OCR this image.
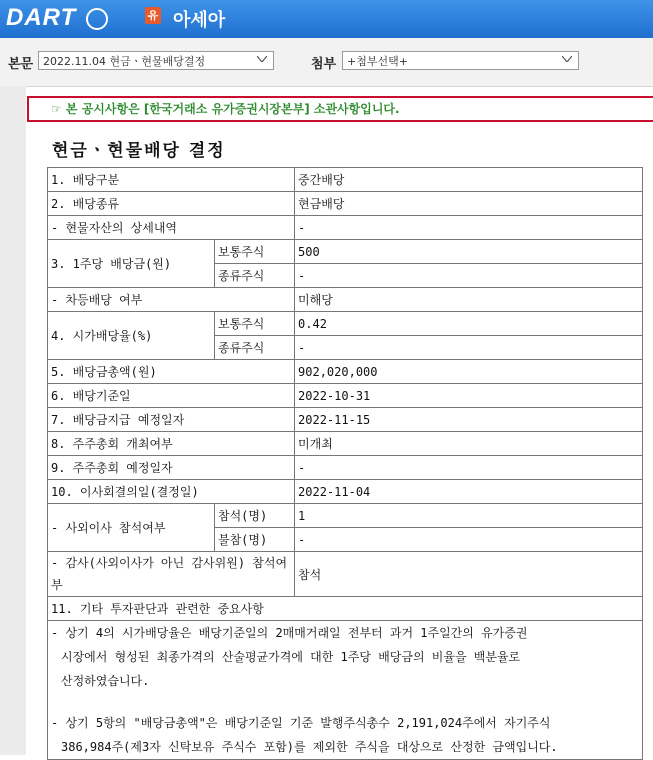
DART	유 아세아
본문 2022.11.04 현금ㆍ현물배당결정	첨부 +첨부선택+
☞ 본 공시사항은 [한국거래소 유가증권시장본부] 소관사항입니다.
현금ㆍ현물배당 결정
1. 배당구분		중간배당
2. 배당종류		현금배당
- 현물자산의 상세내역		-
3. 1주당 배당금(원)	보통주식	500
	종류주식	-
- 차등배당 여부		미해당
4. 시가배당율(%)	보통주식	0.42
	종류주식	-
5. 배당금총액(원)		902,020,000
6. 배당기준일		2022-10-31
7. 배당금지급 예정일자		2022-11-15
8. 주주총회 개최여부		미개최
9. 주주총회 예정일자		-
10. 이사회결의일(결정일)		2022-11-04
- 사외이사 참석여부	참석(명)	1
	불참(명)	-
- 감사(사외이사가 아닌 감사위원) 참석여부		참석
11. 기타 투자판단과 관련한 중요사항		

- 상기 4의 시가배당율은 배당기준일의 2매매거래일 전부터 과거 1주일간의 유가증권

시장에서 형성된 최종가격의 산술평균가격에 대한 1주당 배당금의 비율을 백분율로

산정하였습니다.

- 상기 5항의 "배당금총액"은 배당기준일 기준 발행주식총수 2,191,024주에서 자기주식

386,984주(제3자 신탁보유 주식수 포함)를 제외한 주식을 대상으로 산정한 금액입니다.		
